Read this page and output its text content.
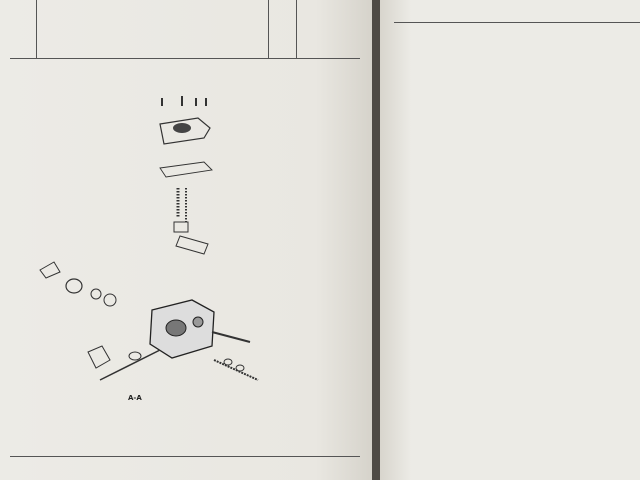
A-A
